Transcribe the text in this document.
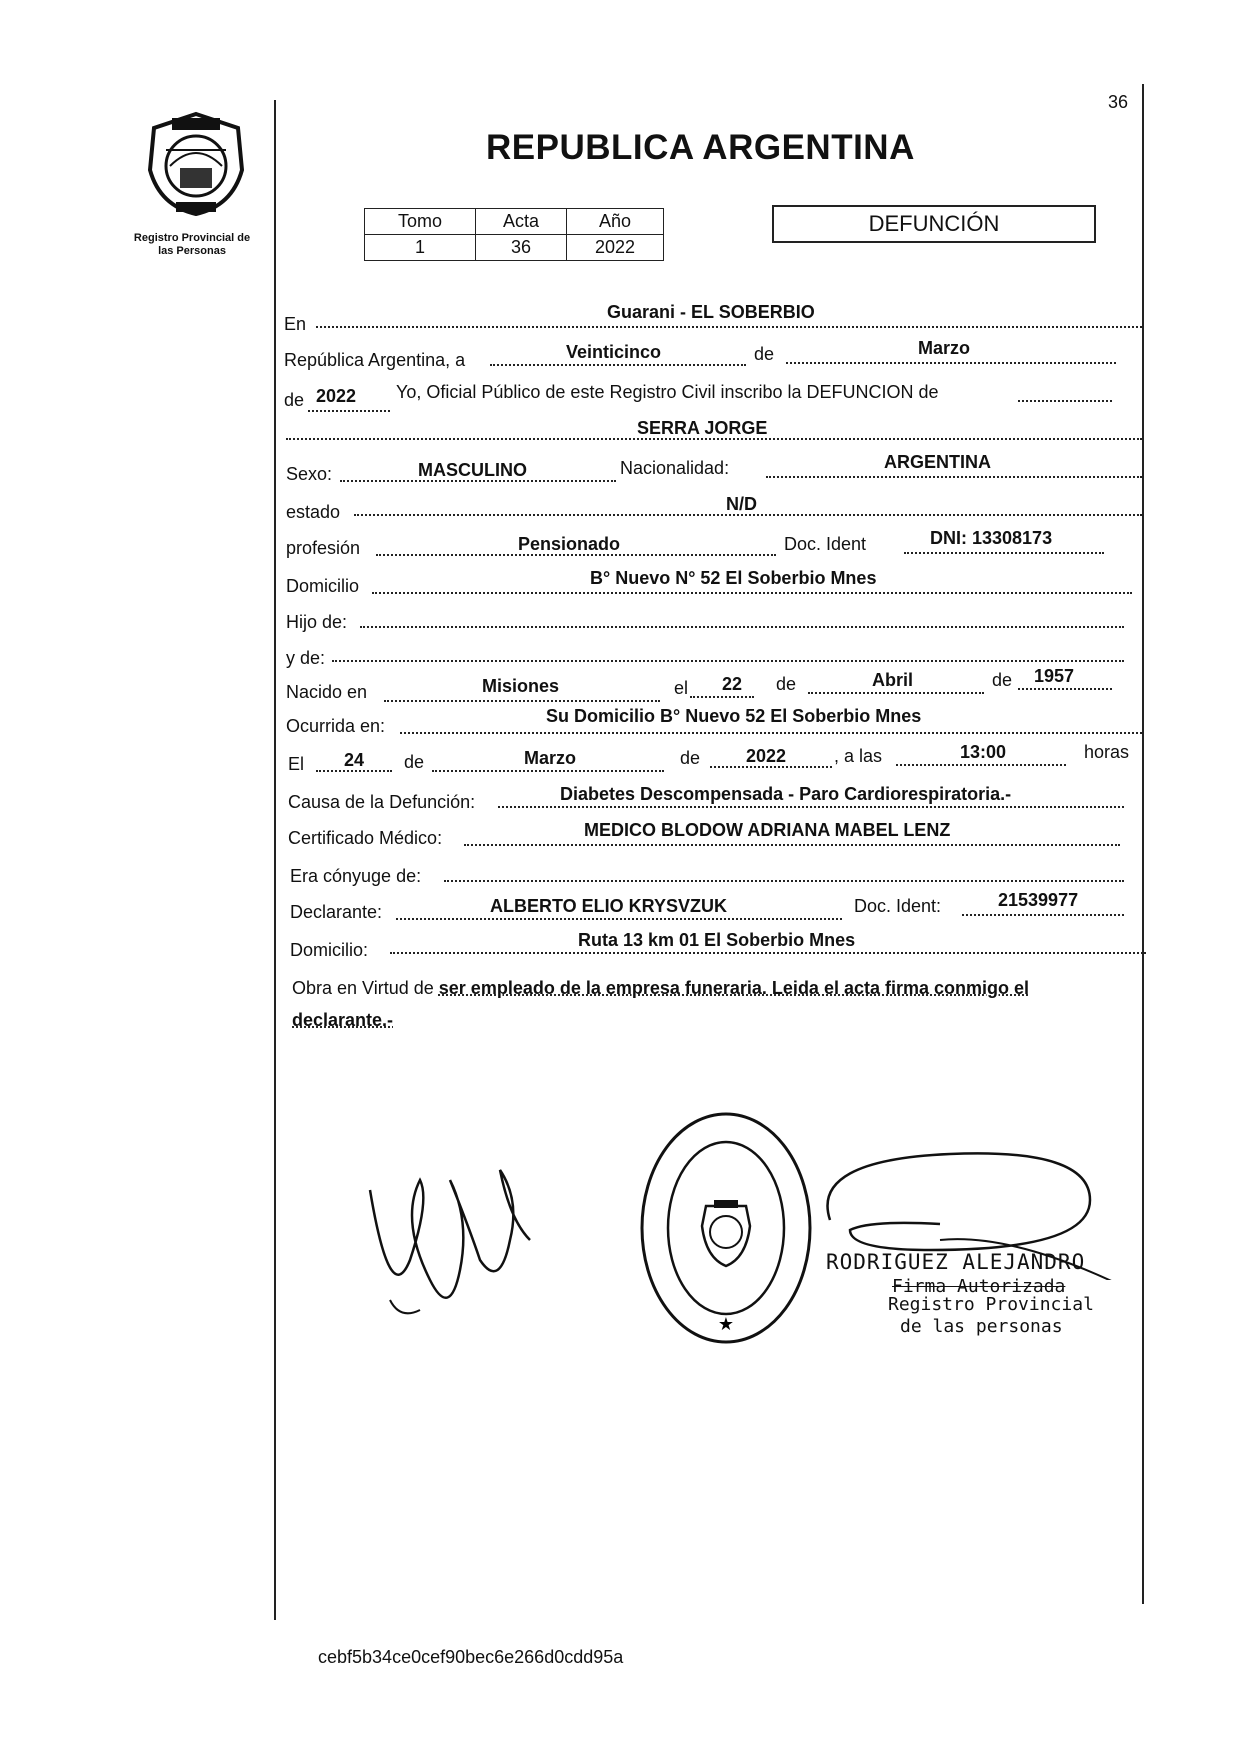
36
Registro Provincial de
las Personas
REPUBLICA ARGENTINA
Tomo	Acta	Año
1	36	2022
DEFUNCIÓN
En
Guarani - EL SOBERBIO
República Argentina, a	Veinticinco	de	Marzo
de 2022 Yo, Oficial Público de este Registro Civil inscribo la DEFUNCION de
SERRA JORGE
Sexo:	MASCULINO	Nacionalidad:	ARGENTINA
estado	N/D
profesión	Pensionado	Doc. Ident	DNI: 13308173
Domicilio	B° Nuevo N° 52 El Soberbio Mnes
Hijo de:
y de:
Nacido en	Misiones	el 22 de	Abril	de 1957
Ocurrida en:	Su Domicilio B° Nuevo 52 El Soberbio Mnes
El 24 de	Marzo	de	2022	, a las	13:00	horas
Causa de la Defunción:	Diabetes Descompensada - Paro Cardiorespiratoria.-
Certificado Médico:	MEDICO BLODOW ADRIANA MABEL LENZ
Era cónyuge de:
Declarante:	ALBERTO ELIO KRYSVZUK	Doc. Ident:	21539977
Domicilio:	Ruta 13 km 01 El Soberbio Mnes
Obra en Virtud de ser empleado de la empresa funeraria. Leida el acta firma conmigo el
declarante.-
★
RODRIGUEZ ALEJANDRO
Firma Autorizada
Registro Provincial
de las personas
cebf5b34ce0cef90bec6e266d0cdd95a
